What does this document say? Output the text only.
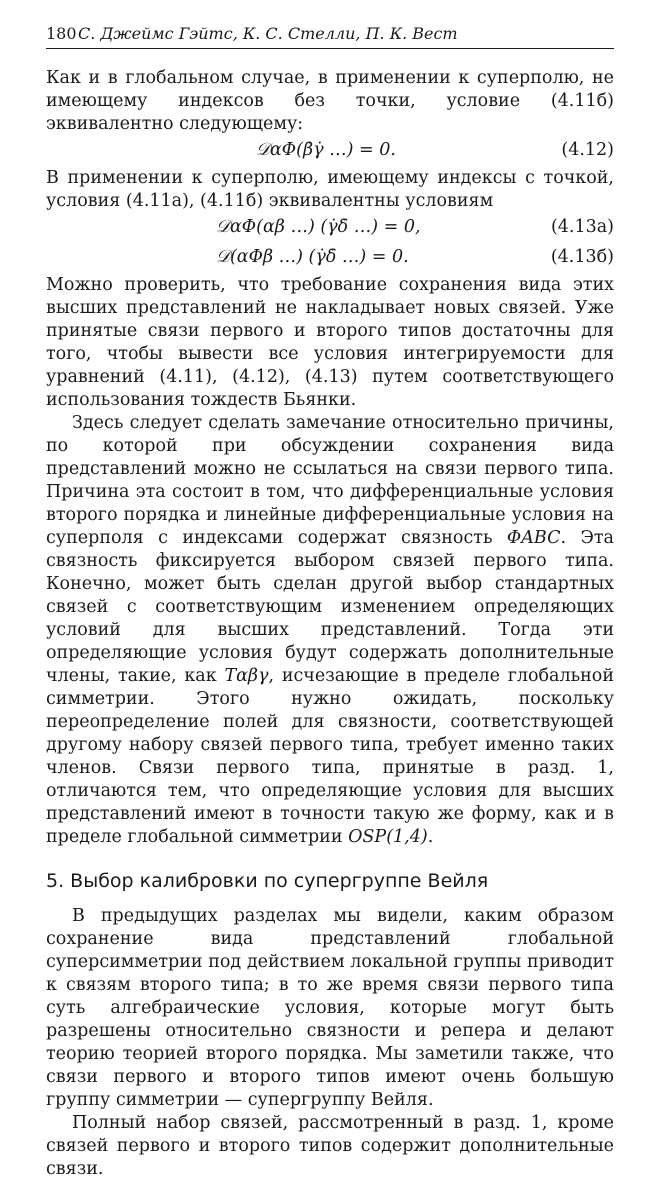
180С. Джеймс Гэйтс, К. С. Стелли, П. К. Вест

Как и в глобальном случае, в применении к суперполю, не имеющему индексов без точки, условие (4.11б) эквивалентно следующему:

𝒟αΦ(β̇γ̇ …) = 0.	(4.12)

В применении к суперполю, имеющему индексы с точкой, условия (4.11а), (4.11б) эквивалентны условиям

𝒟αΦ(αβ …) (γ̇δ̇ …) = 0,	(4.13а)
𝒟(αΦβ …) (γ̇δ̇ …) = 0.	(4.13б)

Можно проверить, что требование сохранения вида этих высших представлений не накладывает новых связей. Уже принятые связи первого и второго типов достаточны для того, чтобы вывести все условия интегрируемости для уравнений (4.11), (4.12), (4.13) путем соответствующего использования тождеств Бьянки.

Здесь следует сделать замечание относительно причины, по которой при обсуждении сохранения вида представлений можно не ссылаться на связи первого типа. Причина эта состоит в том, что дифференциальные условия второго порядка и линейные дифференциальные условия на суперполя с индексами содержат связность ΦABC. Эта связность фиксируется выбором связей первого типа. Конечно, может быть сделан другой выбор стандартных связей с соответствующим изменением определяющих условий для высших представлений. Тогда эти определяющие условия будут содержать дополнительные члены, такие, как Tαβγ, исчезающие в пределе глобальной симметрии. Этого нужно ожидать, поскольку переопределение полей для связности, соответствующей другому набору связей первого типа, требует именно таких членов. Связи первого типа, принятые в разд. 1, отличаются тем, что определяющие условия для высших представлений имеют в точности такую же форму, как и в пределе глобальной симметрии OSP(1,4).

5. Выбор калибровки по супергруппе Вейля

В предыдущих разделах мы видели, каким образом сохранение вида представлений глобальной суперсимметрии под действием локальной группы приводит к связям второго типа; в то же время связи первого типа суть алгебраические условия, которые могут быть разрешены относительно связности и репера и делают теорию теорией второго порядка. Мы заметили также, что связи первого и второго типов имеют очень большую группу симметрии — супергруппу Вейля.

Полный набор связей, рассмотренный в разд. 1, кроме связей первого и второго типов содержит дополнительные связи.
